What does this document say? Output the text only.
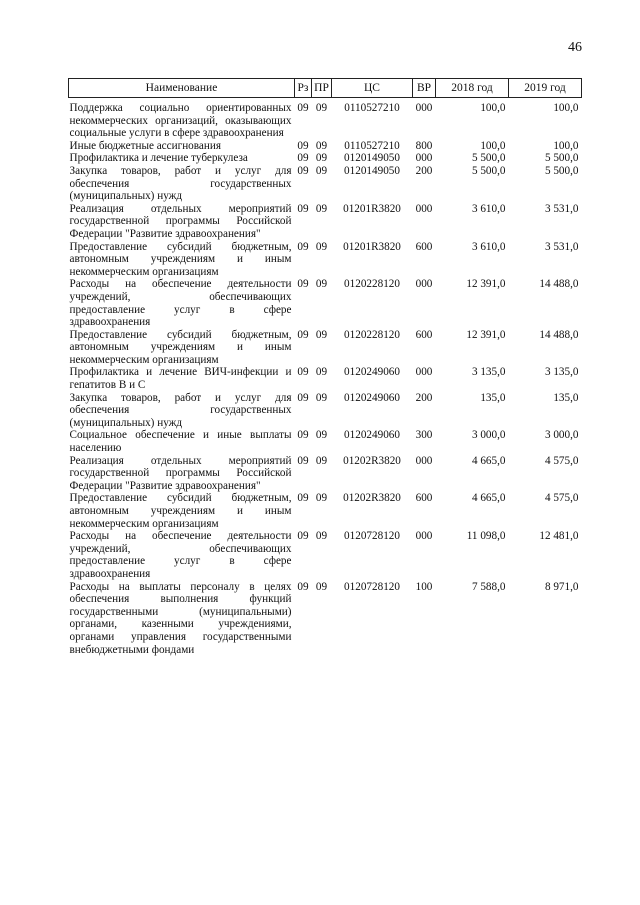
46
Наименование	Рз	ПР	ЦС	ВР	2018 год	2019 год

Поддержка социально ориентированных некоммерческих организаций, оказывающих социальные услуги в сфере здравоохранения	09	09	0110527210	000	100,0	100,0
Иные бюджетные ассигнования	09	09	0110527210	800	100,0	100,0
Профилактика и лечение туберкулеза	09	09	0120149050	000	5 500,0	5 500,0
Закупка товаров, работ и услуг для обеспечения государственных (муниципальных) нужд	09	09	0120149050	200	5 500,0	5 500,0
Реализация отдельных мероприятий государственной программы Российской Федерации "Развитие здравоохранения"	09	09	01201R3820	000	3 610,0	3 531,0
Предоставление субсидий бюджетным, автономным учреждениям и иным некоммерческим организациям	09	09	01201R3820	600	3 610,0	3 531,0
Расходы на обеспечение деятельности учреждений, обеспечивающих предоставление услуг в сфере здравоохранения	09	09	0120228120	000	12 391,0	14 488,0
Предоставление субсидий бюджетным, автономным учреждениям и иным некоммерческим организациям	09	09	0120228120	600	12 391,0	14 488,0
Профилактика и лечение ВИЧ-инфекции и гепатитов В и С	09	09	0120249060	000	3 135,0	3 135,0
Закупка товаров, работ и услуг для обеспечения государственных (муниципальных) нужд	09	09	0120249060	200	135,0	135,0
Социальное обеспечение и иные выплаты населению	09	09	0120249060	300	3 000,0	3 000,0
Реализация отдельных мероприятий государственной программы Российской Федерации "Развитие здравоохранения"	09	09	01202R3820	000	4 665,0	4 575,0
Предоставление субсидий бюджетным, автономным учреждениям и иным некоммерческим организациям	09	09	01202R3820	600	4 665,0	4 575,0
Расходы на обеспечение деятельности учреждений, обеспечивающих предоставление услуг в сфере здравоохранения	09	09	0120728120	000	11 098,0	12 481,0
Расходы на выплаты персоналу в целях обеспечения выполнения функций государственными (муниципальными) органами, казенными учреждениями, органами управления государственными внебюджетными фондами	09	09	0120728120	100	7 588,0	8 971,0
